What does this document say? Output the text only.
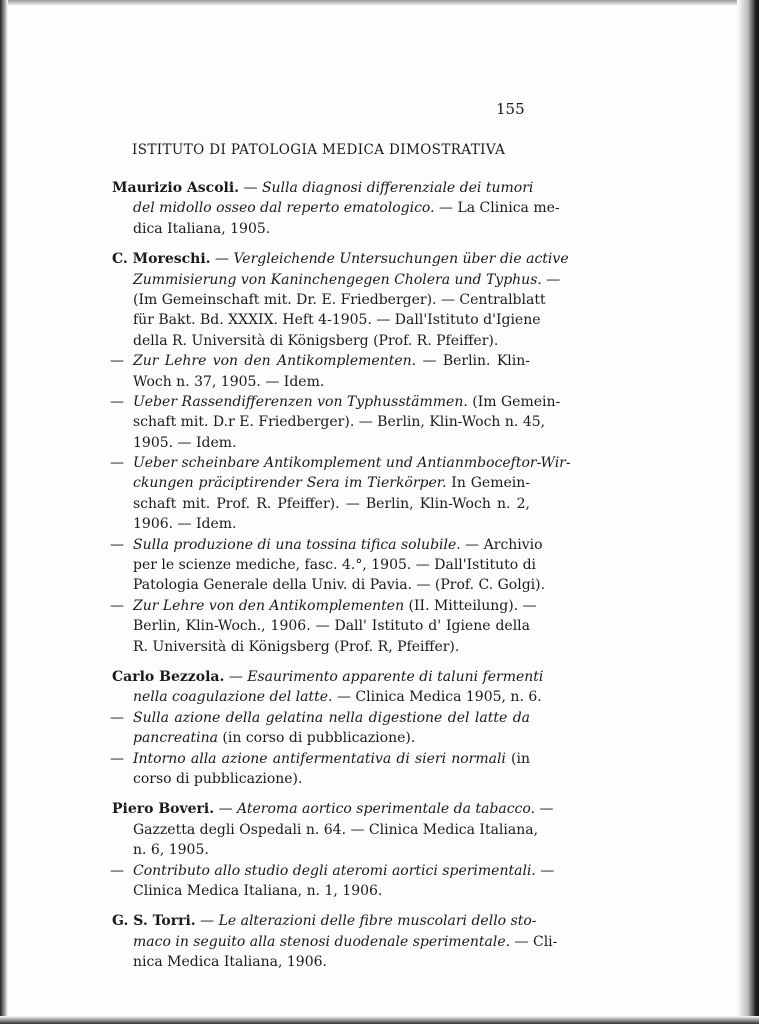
155
ISTITUTO DI PATOLOGIA MEDICA DIMOSTRATIVA
Maurizio Ascoli. — Sulla diagnosi differenziale dei tumori
del midollo osseo dal reperto ematologico. — La Clinica me-
dica Italiana, 1905.
C. Moreschi. — Vergleichende Untersuchungen über die active
Zummisierung von Kaninchengegen Cholera und Typhus. —
(Im Gemeinschaft mit. Dr. E. Friedberger). — Centralblatt
für Bakt. Bd. XXXIX. Heft 4-1905. — Dall'Istituto d'Igiene
della R. Università di Königsberg (Prof. R. Pfeiffer).
— Zur Lehre von den Antikomplementen. — Berlin. Klin-
Woch n. 37, 1905. — Idem.
— Ueber Rassendifferenzen von Typhusstämmen. (Im Gemein-
schaft mit. D.r E. Friedberger). — Berlin, Klin-Woch n. 45,
1905. — Idem.
— Ueber scheinbare Antikomplement und Antianmboceftor-Wir-
ckungen präciptirender Sera im Tierkörper. In Gemein-
schaft mit. Prof. R. Pfeiffer). — Berlin, Klin-Woch n. 2,
1906. — Idem.
— Sulla produzione di una tossina tifica solubile. — Archivio
per le scienze mediche, fasc. 4.°, 1905. — Dall'Istituto di
Patologia Generale della Univ. di Pavia. — (Prof. C. Golgi).
— Zur Lehre von den Antikomplementen (II. Mitteilung). —
Berlin, Klin-Woch., 1906. — Dall' Istituto d' Igiene della
R. Università di Königsberg (Prof. R, Pfeiffer).
Carlo Bezzola. — Esaurimento apparente di taluni fermenti
nella coagulazione del latte. — Clinica Medica 1905, n. 6.
— Sulla azione della gelatina nella digestione del latte da
pancreatina (in corso di pubblicazione).
— Intorno alla azione antifermentativa di sieri normali (in
corso di pubblicazione).
Piero Boveri. — Ateroma aortico sperimentale da tabacco. —
Gazzetta degli Ospedali n. 64. — Clinica Medica Italiana,
n. 6, 1905.
— Contributo allo studio degli ateromi aortici sperimentali. —
Clinica Medica Italiana, n. 1, 1906.
G. S. Torri. — Le alterazioni delle fibre muscolari dello sto-
maco in seguito alla stenosi duodenale sperimentale. — Cli-
nica Medica Italiana, 1906.
